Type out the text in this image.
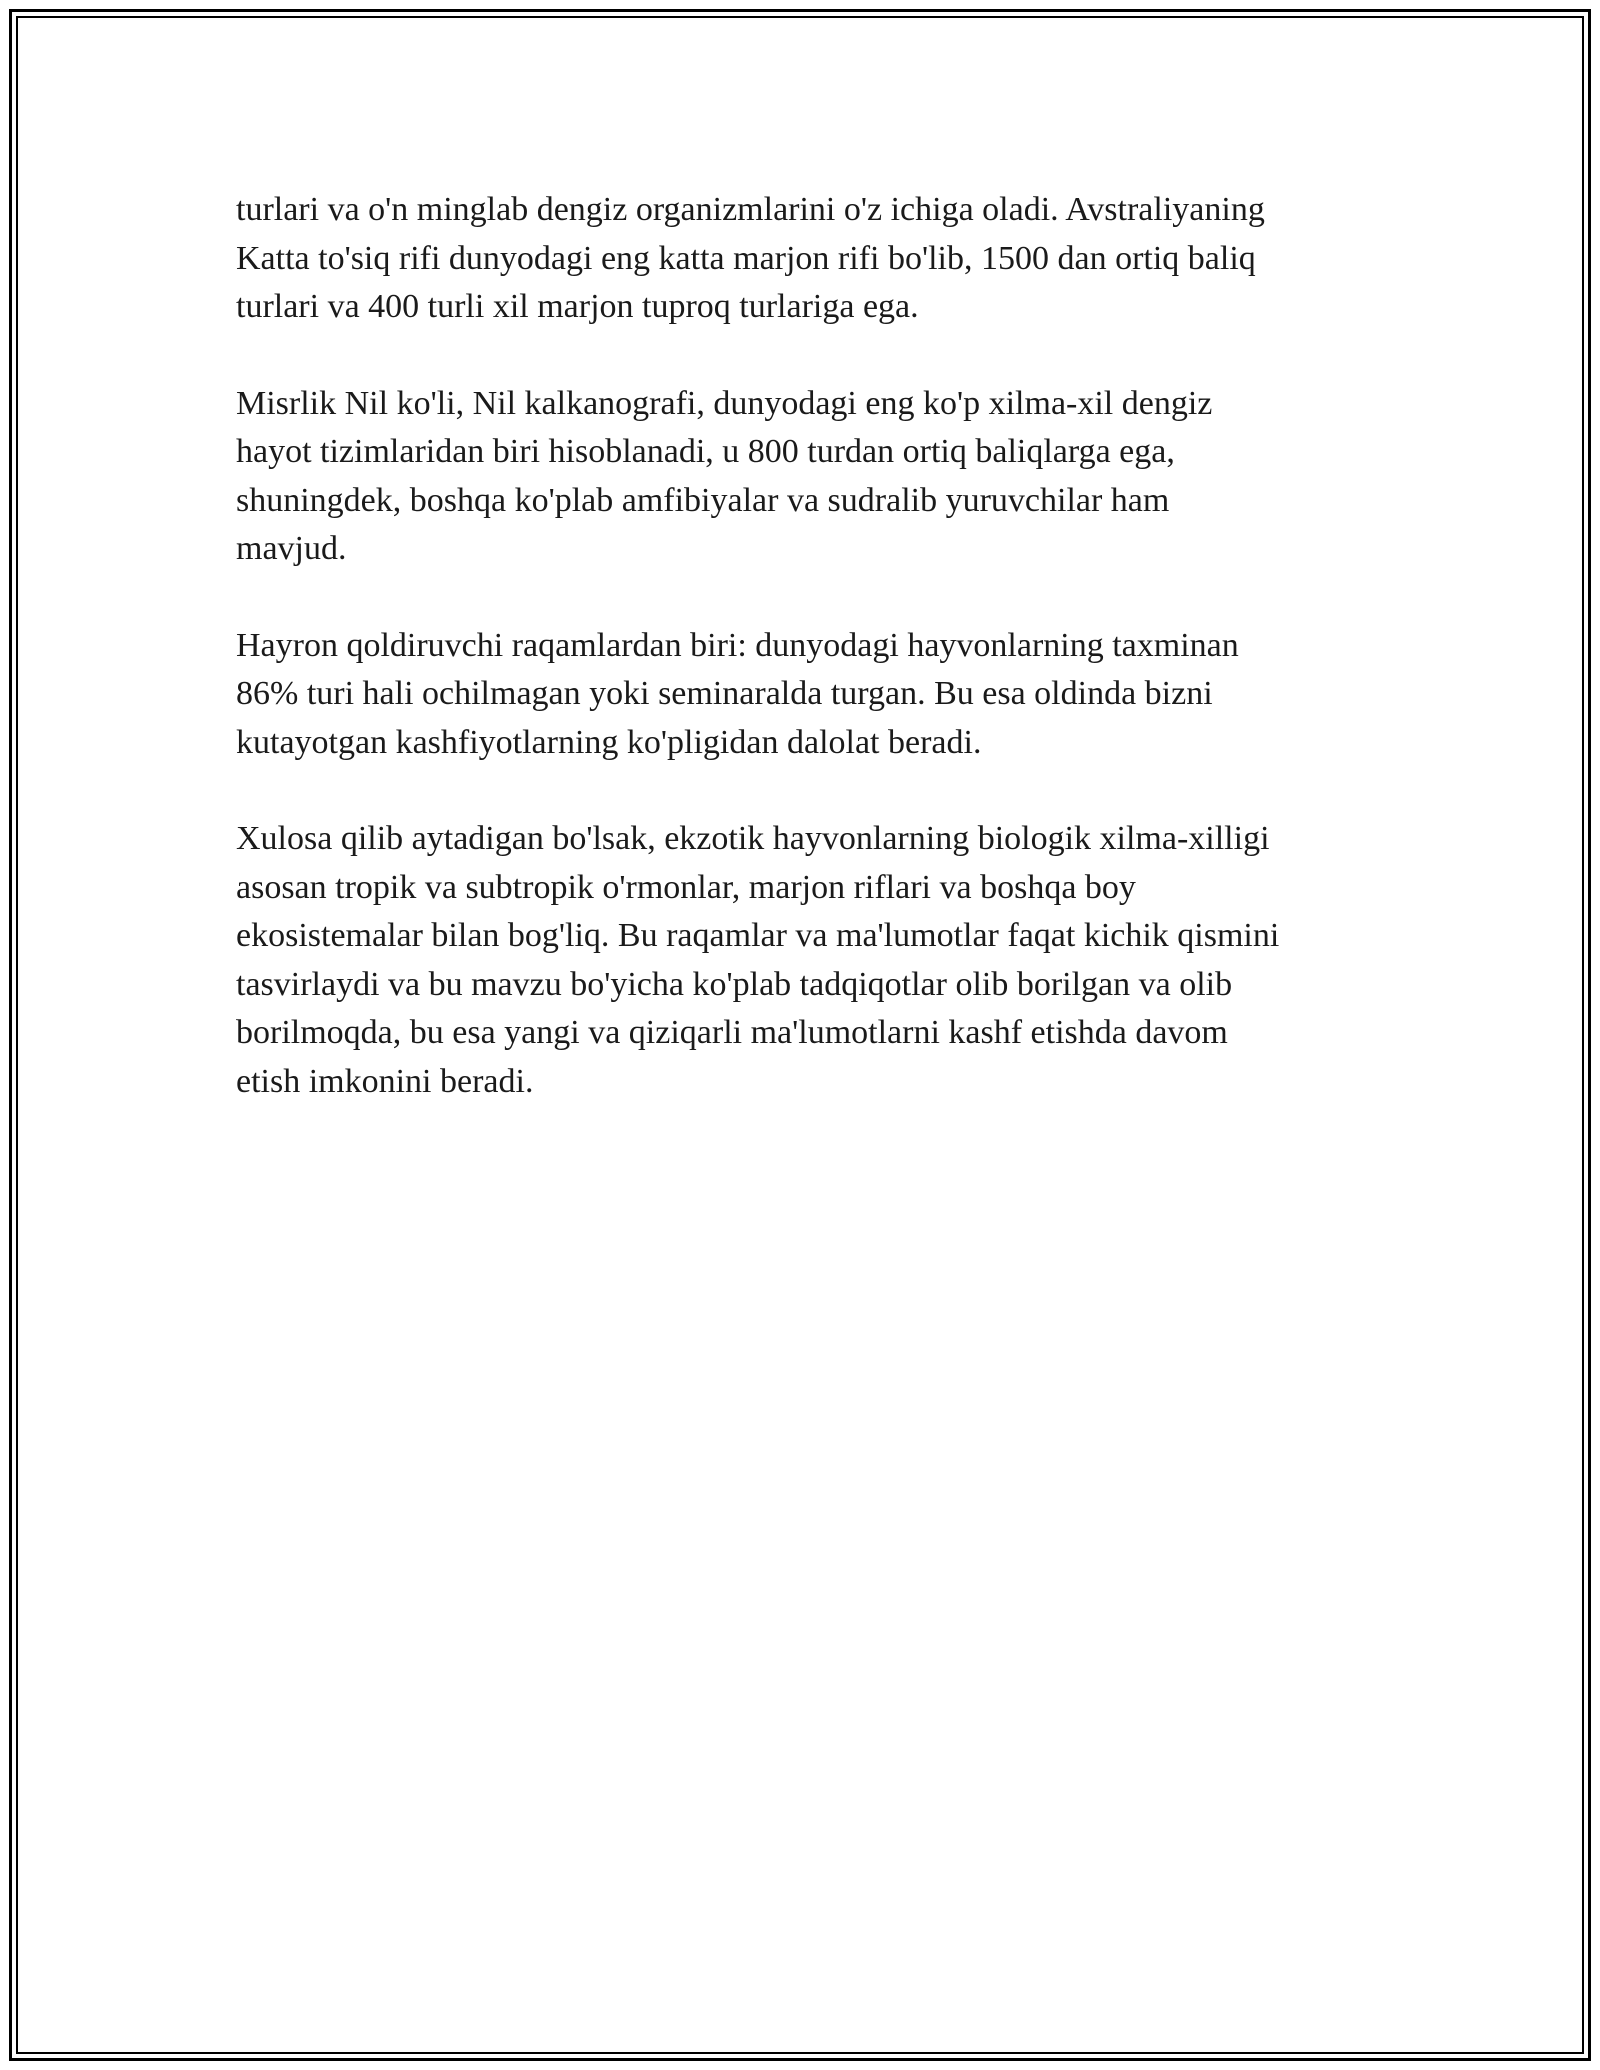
turlari va o'n minglab dengiz organizmlarini o'z ichiga oladi. Avstraliyaning
Katta to'siq rifi dunyodagi eng katta marjon rifi bo'lib, 1500 dan ortiq baliq
turlari va 400 turli xil marjon tuproq turlariga ega.

Misrlik Nil ko'li, Nil kalkanografi, dunyodagi eng ko'p xilma-xil dengiz
hayot tizimlaridan biri hisoblanadi, u 800 turdan ortiq baliqlarga ega,
shuningdek, boshqa ko'plab amfibiyalar va sudralib yuruvchilar ham
mavjud.

Hayron qoldiruvchi raqamlardan biri: dunyodagi hayvonlarning taxminan
86% turi hali ochilmagan yoki seminaralda turgan. Bu esa oldinda bizni
kutayotgan kashfiyotlarning ko'pligidan dalolat beradi.

Xulosa qilib aytadigan bo'lsak, ekzotik hayvonlarning biologik xilma-xilligi
asosan tropik va subtropik o'rmonlar, marjon riflari va boshqa boy
ekosistemalar bilan bog'liq. Bu raqamlar va ma'lumotlar faqat kichik qismini
tasvirlaydi va bu mavzu bo'yicha ko'plab tadqiqotlar olib borilgan va olib
borilmoqda, bu esa yangi va qiziqarli ma'lumotlarni kashf etishda davom
etish imkonini beradi.
